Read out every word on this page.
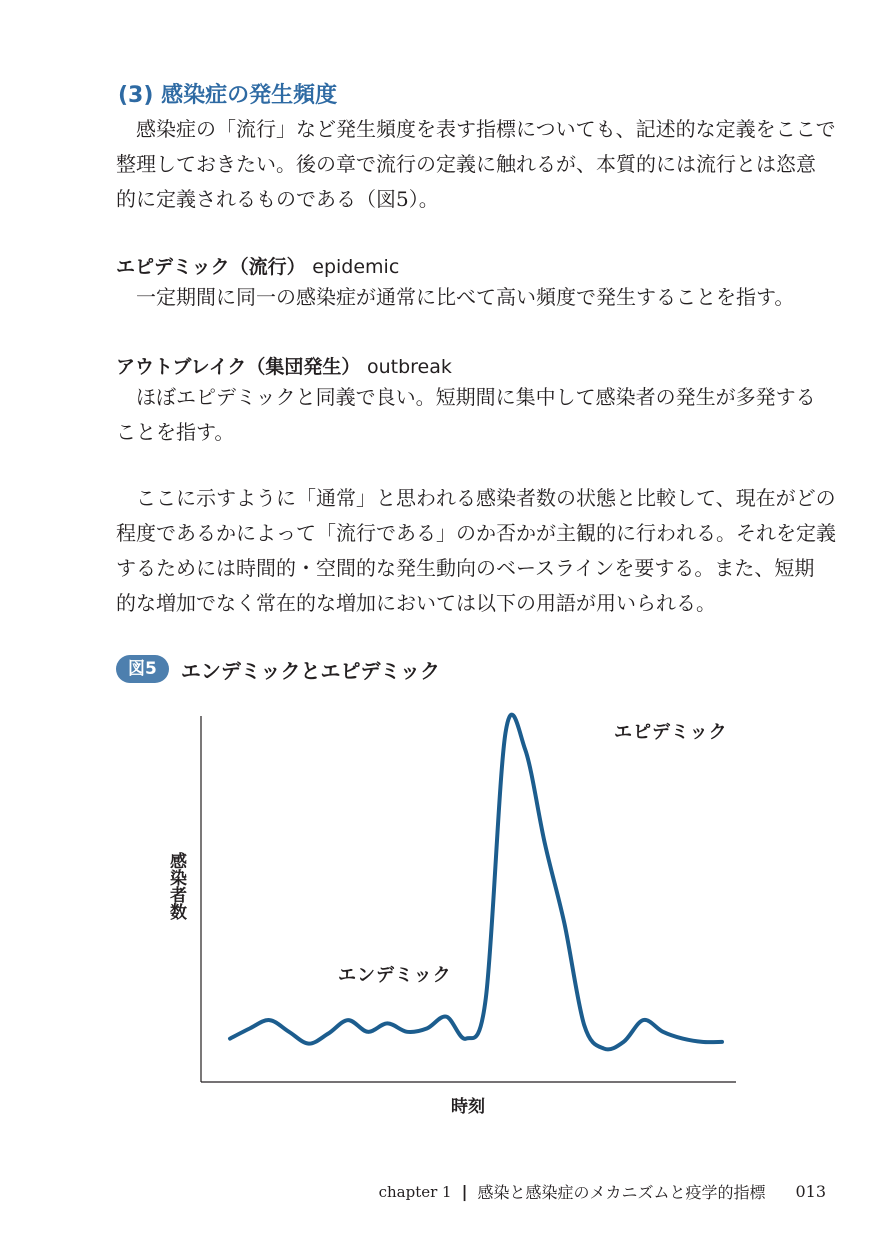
(3) 感染症の発生頻度

感染症の「流行」など発生頻度を表す指標についても、記述的な定義をここで
整理しておきたい。後の章で流行の定義に触れるが、本質的には流行とは恣意
的に定義されるものである（図5）。

エピデミック（流行） epidemic

一定期間に同一の感染症が通常に比べて高い頻度で発生することを指す。

アウトブレイク（集団発生） outbreak

ほぼエピデミックと同義で良い。短期間に集中して感染者の発生が多発する
ことを指す。

ここに示すように「通常」と思われる感染者数の状態と比較して、現在がどの
程度であるかによって「流行である」のか否かが主観的に行われる。それを定義
するためには時間的・空間的な発生動向のベースラインを要する。また、短期
的な増加でなく常在的な増加においては以下の用語が用いられる。

図5	エンデミックとエピデミック
感染者数
時刻
エンデミック
エピデミック
chapter 1 | 感染と感染症のメカニズムと疫学的指標 013
